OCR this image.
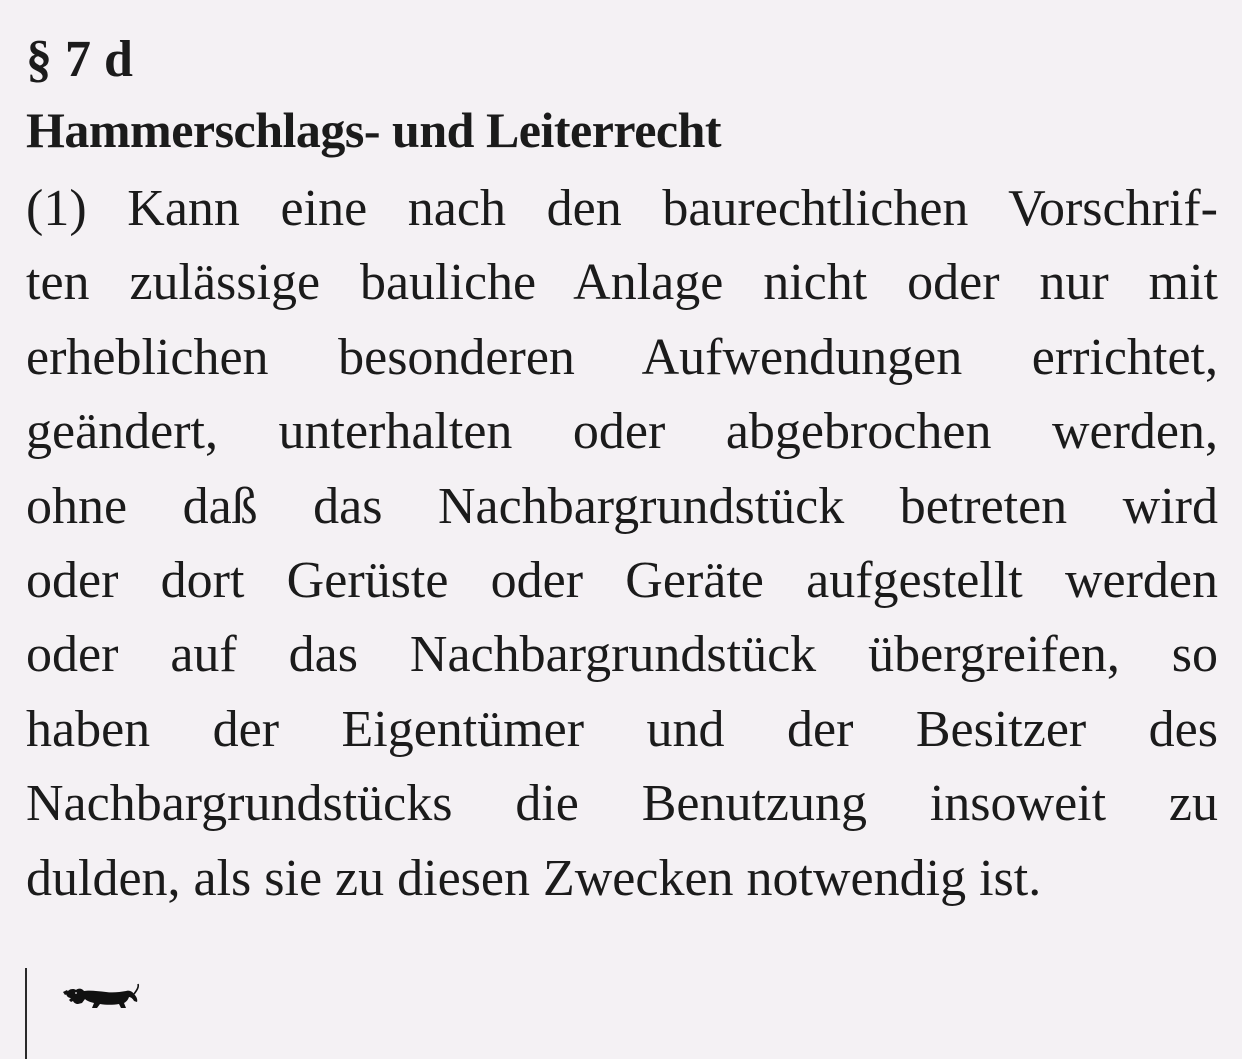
§ 7 d
Hammerschlags- und Leiterrecht
(1) Kann eine nach den baurechtlichen Vorschrif-
ten zulässige bauliche Anlage nicht oder nur mit
erheblichen besonderen Aufwendungen errichtet,
geändert, unterhalten oder abgebrochen werden,
ohne daß das Nachbargrundstück betreten wird
oder dort Gerüste oder Geräte aufgestellt werden
oder auf das Nachbargrundstück übergreifen, so
haben der Eigentümer und der Besitzer des
Nachbargrundstücks die Benutzung insoweit zu
dulden, als sie zu diesen Zwecken notwendig ist.
